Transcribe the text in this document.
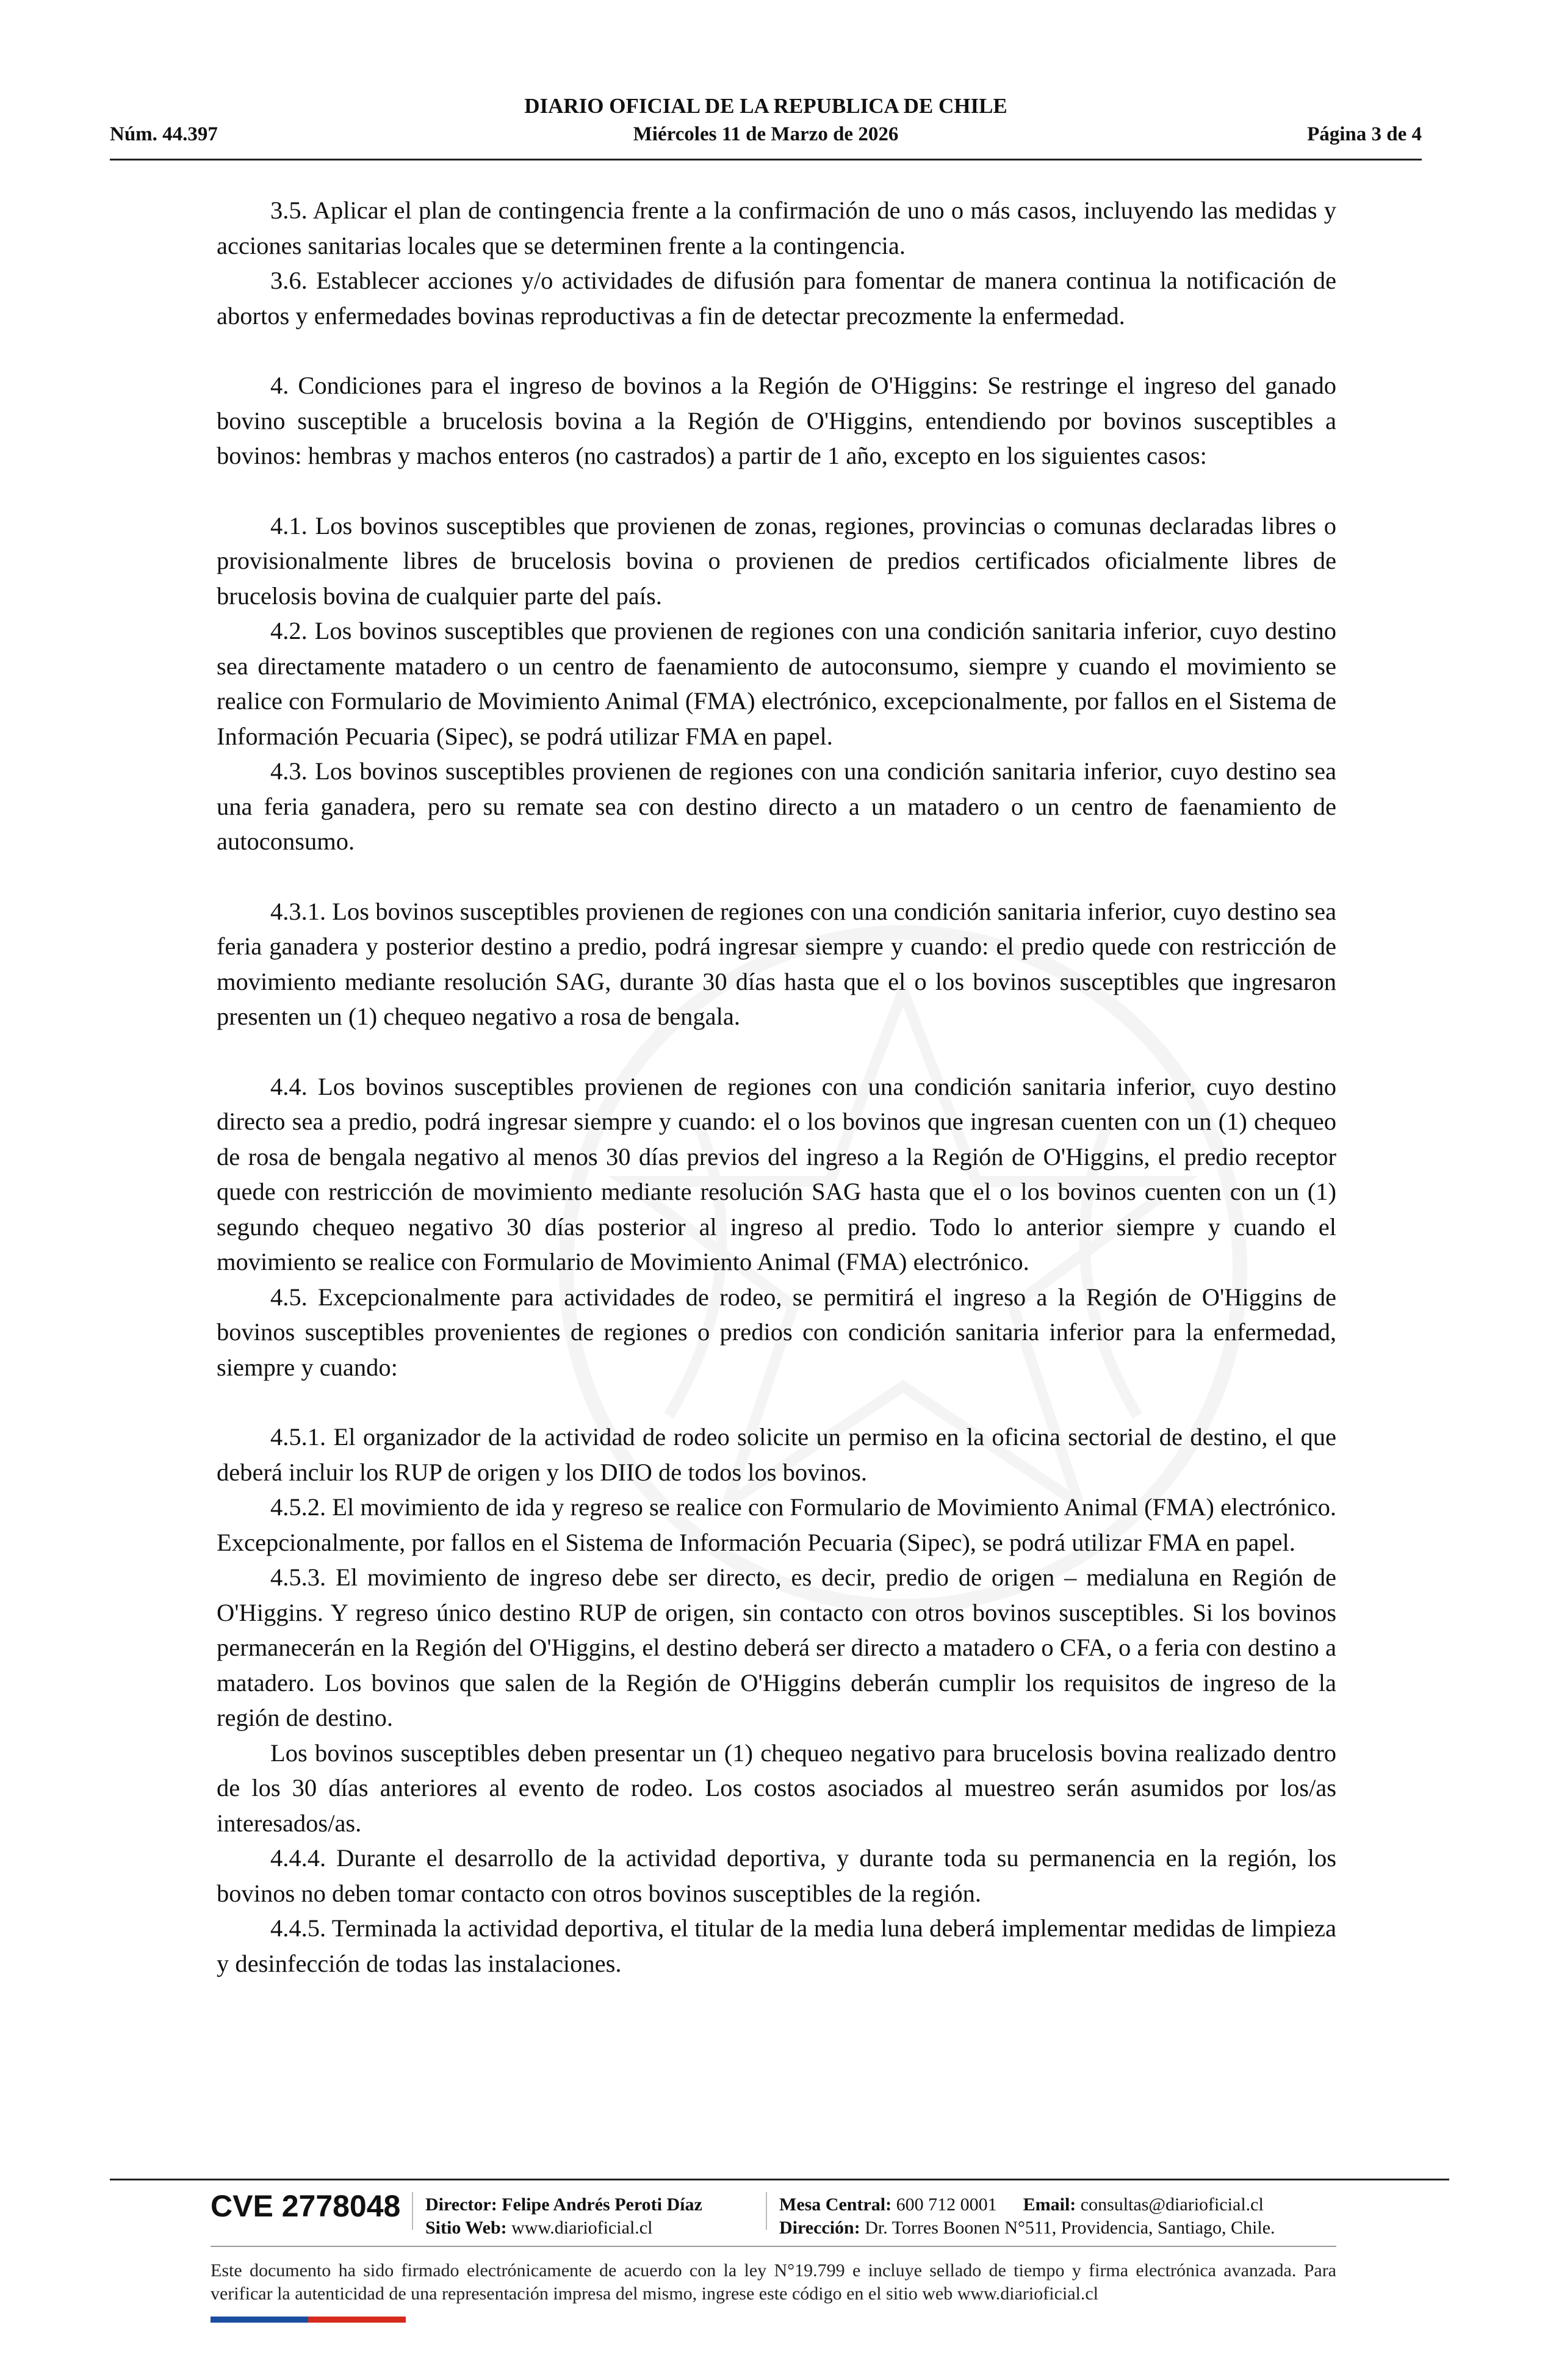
DIARIO OFICIAL DE LA REPUBLICA DE CHILE
Núm. 44.397	Miércoles 11 de Marzo de 2026	Página 3 de 4

3.5. Aplicar el plan de contingencia frente a la confirmación de uno o más casos, incluyendo las medidas y acciones sanitarias locales que se determinen frente a la contingencia.

3.6. Establecer acciones y/o actividades de difusión para fomentar de manera continua la notificación de abortos y enfermedades bovinas reproductivas a fin de detectar precozmente la enfermedad.

4. Condiciones para el ingreso de bovinos a la Región de O'Higgins: Se restringe el ingreso del ganado bovino susceptible a brucelosis bovina a la Región de O'Higgins, entendiendo por bovinos susceptibles a bovinos: hembras y machos enteros (no castrados) a partir de 1 año, excepto en los siguientes casos:

4.1. Los bovinos susceptibles que provienen de zonas, regiones, provincias o comunas declaradas libres o provisionalmente libres de brucelosis bovina o provienen de predios certificados oficialmente libres de brucelosis bovina de cualquier parte del país.

4.2. Los bovinos susceptibles que provienen de regiones con una condición sanitaria inferior, cuyo destino sea directamente matadero o un centro de faenamiento de autoconsumo, siempre y cuando el movimiento se realice con Formulario de Movimiento Animal (FMA) electrónico, excepcionalmente, por fallos en el Sistema de Información Pecuaria (Sipec), se podrá utilizar FMA en papel.

4.3. Los bovinos susceptibles provienen de regiones con una condición sanitaria inferior, cuyo destino sea una feria ganadera, pero su remate sea con destino directo a un matadero o un centro de faenamiento de autoconsumo.

4.3.1. Los bovinos susceptibles provienen de regiones con una condición sanitaria inferior, cuyo destino sea feria ganadera y posterior destino a predio, podrá ingresar siempre y cuando: el predio quede con restricción de movimiento mediante resolución SAG, durante 30 días hasta que el o los bovinos susceptibles que ingresaron presenten un (1) chequeo negativo a rosa de bengala.

4.4. Los bovinos susceptibles provienen de regiones con una condición sanitaria inferior, cuyo destino directo sea a predio, podrá ingresar siempre y cuando: el o los bovinos que ingresan cuenten con un (1) chequeo de rosa de bengala negativo al menos 30 días previos del ingreso a la Región de O'Higgins, el predio receptor quede con restricción de movimiento mediante resolución SAG hasta que el o los bovinos cuenten con un (1) segundo chequeo negativo 30 días posterior al ingreso al predio. Todo lo anterior siempre y cuando el movimiento se realice con Formulario de Movimiento Animal (FMA) electrónico.

4.5. Excepcionalmente para actividades de rodeo, se permitirá el ingreso a la Región de O'Higgins de bovinos susceptibles provenientes de regiones o predios con condición sanitaria inferior para la enfermedad, siempre y cuando:

4.5.1. El organizador de la actividad de rodeo solicite un permiso en la oficina sectorial de destino, el que deberá incluir los RUP de origen y los DIIO de todos los bovinos.

4.5.2. El movimiento de ida y regreso se realice con Formulario de Movimiento Animal (FMA) electrónico. Excepcionalmente, por fallos en el Sistema de Información Pecuaria (Sipec), se podrá utilizar FMA en papel.

4.5.3. El movimiento de ingreso debe ser directo, es decir, predio de origen – medialuna en Región de O'Higgins. Y regreso único destino RUP de origen, sin contacto con otros bovinos susceptibles. Si los bovinos permanecerán en la Región del O'Higgins, el destino deberá ser directo a matadero o CFA, o a feria con destino a matadero. Los bovinos que salen de la Región de O'Higgins deberán cumplir los requisitos de ingreso de la región de destino.

Los bovinos susceptibles deben presentar un (1) chequeo negativo para brucelosis bovina realizado dentro de los 30 días anteriores al evento de rodeo. Los costos asociados al muestreo serán asumidos por los/as interesados/as.

4.4.4. Durante el desarrollo de la actividad deportiva, y durante toda su permanencia en la región, los bovinos no deben tomar contacto con otros bovinos susceptibles de la región.

4.4.5. Terminada la actividad deportiva, el titular de la media luna deberá implementar medidas de limpieza y desinfección de todas las instalaciones.

CVE 2778048 Director: Felipe Andrés Peroti Díaz
Sitio Web: www.diarioficial.cl
Mesa Central: 600 712 0001 Email: consultas@diarioficial.cl
Dirección: Dr. Torres Boonen N°511, Providencia, Santiago, Chile.
Este documento ha sido firmado electrónicamente de acuerdo con la ley N°19.799 e incluye sellado de tiempo y firma electrónica avanzada. Para verificar la autenticidad de una representación impresa del mismo, ingrese este código en el sitio web www.diarioficial.cl
